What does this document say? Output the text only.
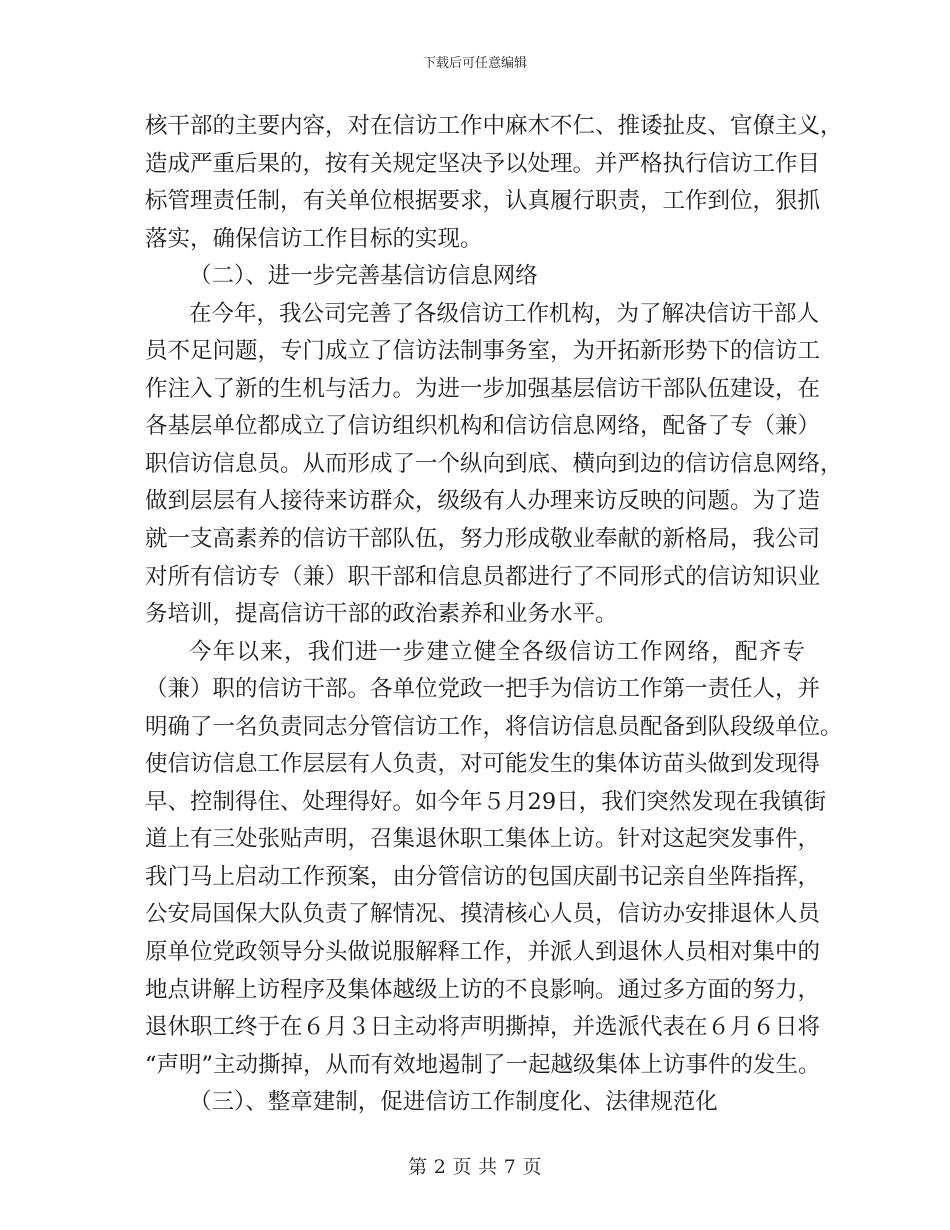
下载后可任意编辑
核干部的主要内容，对在信访工作中麻木不仁、推诿扯皮、官僚主义，
造成严重后果的，按有关规定坚决予以处理。并严格执行信访工作目
标管理责任制，有关单位根据要求，认真履行职责，工作到位，狠抓
落实，确保信访工作目标的实现。
（二）、进一步完善基信访信息网络
在今年，我公司完善了各级信访工作机构，为了解决信访干部人
员不足问题，专门成立了信访法制事务室，为开拓新形势下的信访工
作注入了新的生机与活力。为进一步加强基层信访干部队伍建设，在
各基层单位都成立了信访组织机构和信访信息网络，配备了专（兼）
职信访信息员。从而形成了一个纵向到底、横向到边的信访信息网络，
做到层层有人接待来访群众，级级有人办理来访反映的问题。为了造
就一支高素养的信访干部队伍，努力形成敬业奉献的新格局，我公司
对所有信访专（兼）职干部和信息员都进行了不同形式的信访知识业
务培训，提高信访干部的政治素养和业务水平。
今年以来，我们进一步建立健全各级信访工作网络，配齐专
（兼）职的信访干部。各单位党政一把手为信访工作第一责任人，并
明确了一名负责同志分管信访工作，将信访信息员配备到队段级单位。
使信访信息工作层层有人负责，对可能发生的集体访苗头做到发现得
早、控制得住、处理得好。如今年５月29日，我们突然发现在我镇街
道上有三处张贴声明，召集退休职工集体上访。针对这起突发事件，
我门马上启动工作预案，由分管信访的包国庆副书记亲自坐阵指挥，
公安局国保大队负责了解情况、摸清核心人员，信访办安排退休人员
原单位党政领导分头做说服解释工作，并派人到退休人员相对集中的
地点讲解上访程序及集体越级上访的不良影响。通过多方面的努力，
退休职工终于在６月３日主动将声明撕掉，并选派代表在６月６日将
“声明”主动撕掉，从而有效地遏制了一起越级集体上访事件的发生。
（三）、整章建制，促进信访工作制度化、法律规范化
第 2 页 共 7 页
